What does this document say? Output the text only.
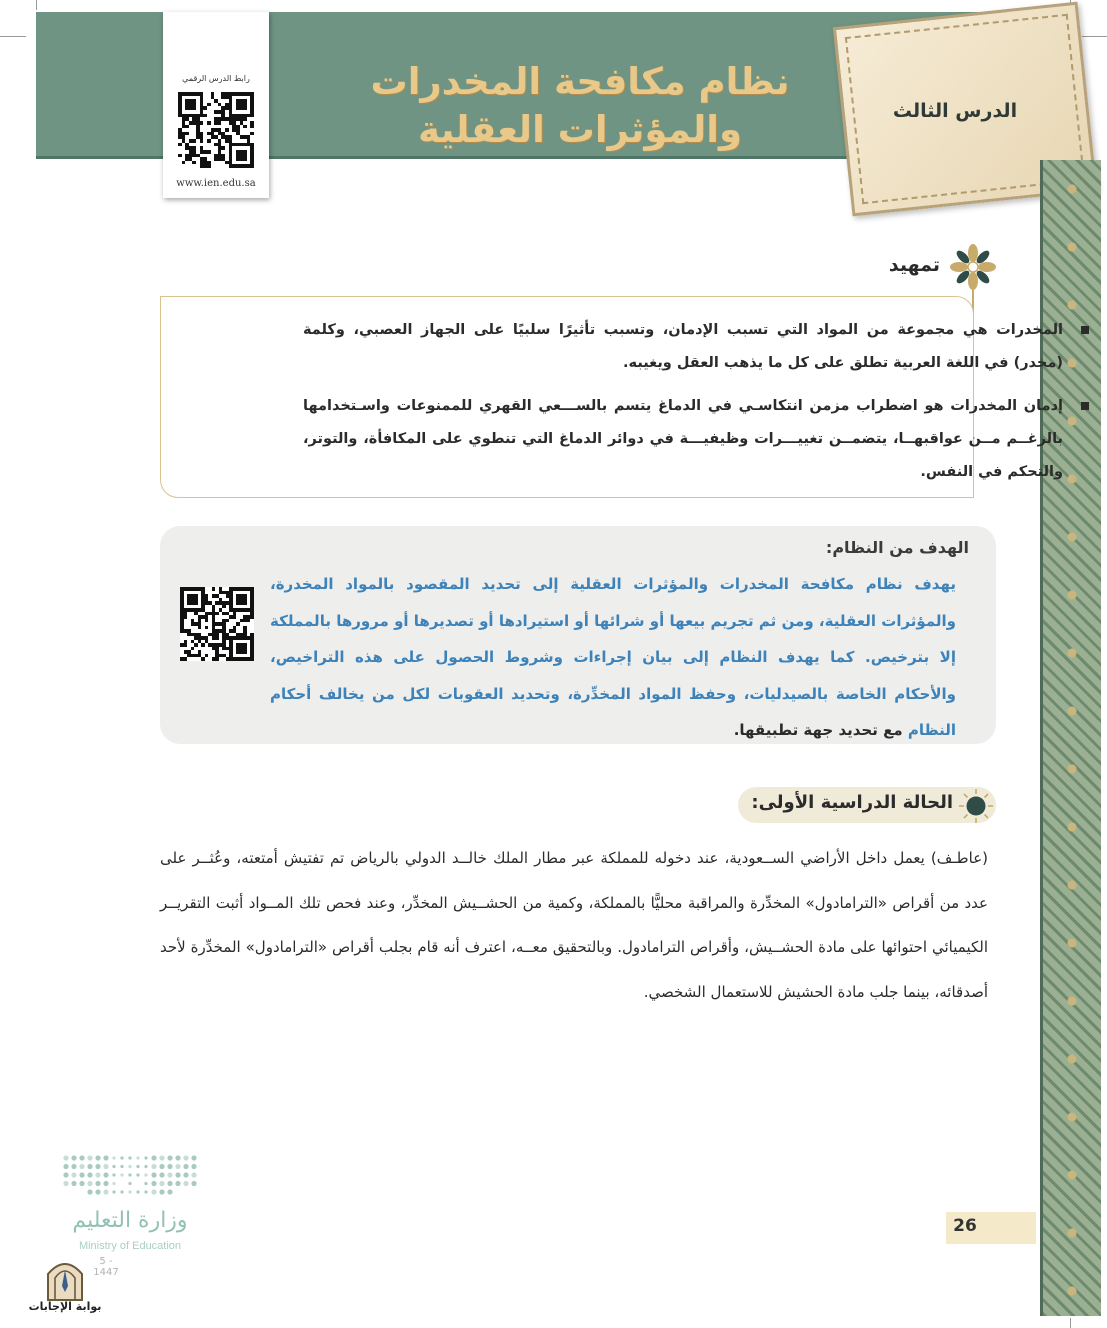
نظام مكافحة المخدرات
والمؤثرات العقلية	الدرس الثالث
رابط الدرس الرقمي
www.ien.edu.sa
تمهيد
المخدرات هي مجموعة من المواد التي تسبب الإدمان، وتسبب تأثيرًا سلبيًا على الجهاز العصبي، وكلمة (مخدر) في اللغة العربية تطلق على كل ما يذهب العقل ويغيبه.
إدمان المخدرات هو اضطراب مزمن انتكاسـي في الدماغ يتسم بالســـعي القهري للممنوعات واسـتخدامها بالرغــم مــن عواقبهــا، يتضمــن تغييـــرات وظيفيـــة في دوائر الدماغ التي تنطوي على المكافأة، والتوتر، والتحكم في النفس.
الهدف من النظام:
يهدف نظام مكافحة المخدرات والمؤثرات العقلية إلى تحديد المقصود بالمواد المخدرة، والمؤثرات العقلية، ومن ثم تجريم بيعها أو شرائها أو استيرادها أو تصديرها أو مرورها بالمملكة إلا بترخيص. كما يهدف النظام إلى بيان إجراءات وشروط الحصول على هذه التراخيص، والأحكام الخاصة بالصيدليات، وحفظ المواد المخدِّرة، وتحديد العقوبات لكل من يخالف أحكام النظام مع تحديد جهة تطبيقها.
الحالة الدراسية الأولى:
(عاطـف) يعمل داخل الأراضي الســعودية، عند دخوله للمملكة عبر مطار الملك خالــد الدولي بالرياض تم تفتيش أمتعته، وعُثــر على عدد من أقراص «الترامادول» المخدِّرة والمراقبة محليًّا بالمملكة، وكمية من الحشــيش المخدِّر، وعند فحص تلك المــواد أثبت التقريــر الكيميائي احتوائها على مادة الحشــيش، وأقراص الترامادول. وبالتحقيق معــه، اعترف أنه قام بجلب أقراص «الترامادول» المخدِّرة لأحد أصدقائه، بينما جلب مادة الحشيش للاستعمال الشخصي.
وزارة التعليم
Ministry of Education
5 - 1447
بوابة الإجابات
26
